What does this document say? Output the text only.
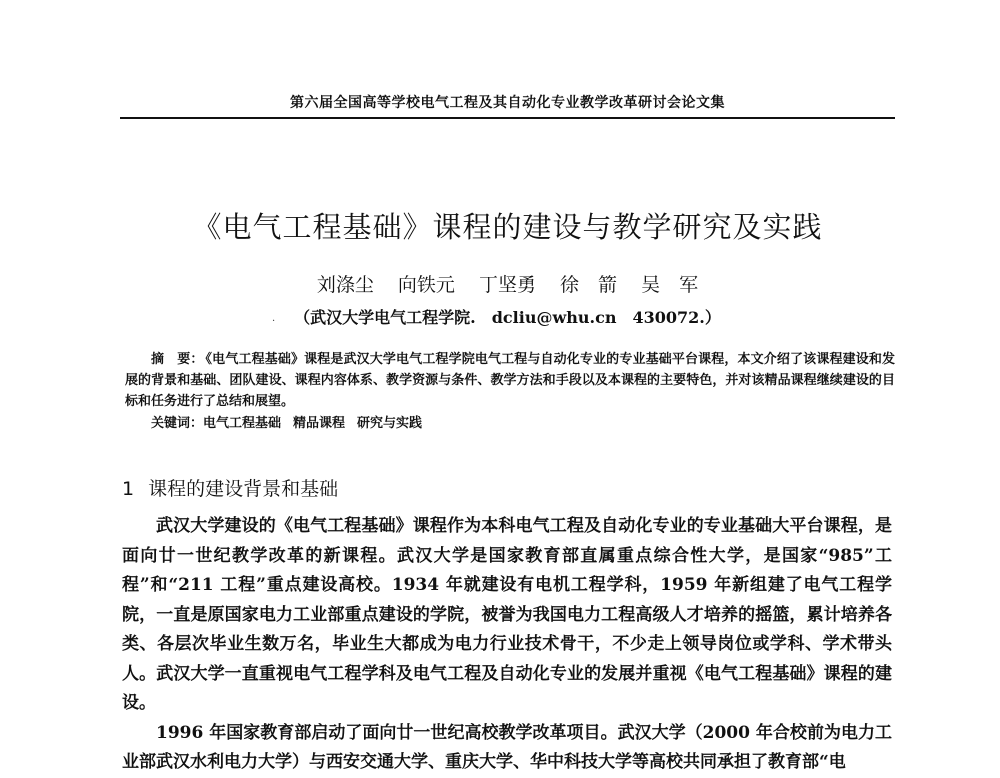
第六届全国高等学校电气工程及其自动化专业教学改革研讨会论文集
《电气工程基础》课程的建设与教学研究及实践
刘涤尘 向铁元 丁坚勇 徐　箭 吴　军
（武汉大学电气工程学院.　dcliu@whu.cn　430072.）
摘　要： 《电气工程基础》课程是武汉大学电气工程学院电气工程与自动化专业的专业基础平台课程，本文介绍了该课程建设和发展的背景和基础、团队建设、课程内容体系、教学资源与条件、教学方法和手段以及本课程的主要特色，并对该精品课程继续建设的目标和任务进行了总结和展望。
关键词：电气工程基础 精品课程 研究与实践
1 课程的建设背景和基础

武汉大学建设的《电气工程基础》课程作为本科电气工程及自动化专业的专业基础大平台课程，是面向廿一世纪教学改革的新课程。武汉大学是国家教育部直属重点综合性大学，是国家“985”工程”和“211 工程”重点建设高校。1934 年就建设有电机工程学科，1959 年新组建了电气工程学院，一直是原国家电力工业部重点建设的学院，被誉为我国电力工程高级人才培养的摇篮，累计培养各类、各层次毕业生数万名，毕业生大都成为电力行业技术骨干，不少走上领导岗位或学科、学术带头人。武汉大学一直重视电气工程学科及电气工程及自动化专业的发展并重视《电气工程基础》课程的建设。

1996 年国家教育部启动了面向廿一世纪高校教学改革项目。武汉大学（2000 年合校前为电力工业部武汉水利电力大学）与西安交通大学、重庆大学、华中科技大学等高校共同承担了教育部“电

·
